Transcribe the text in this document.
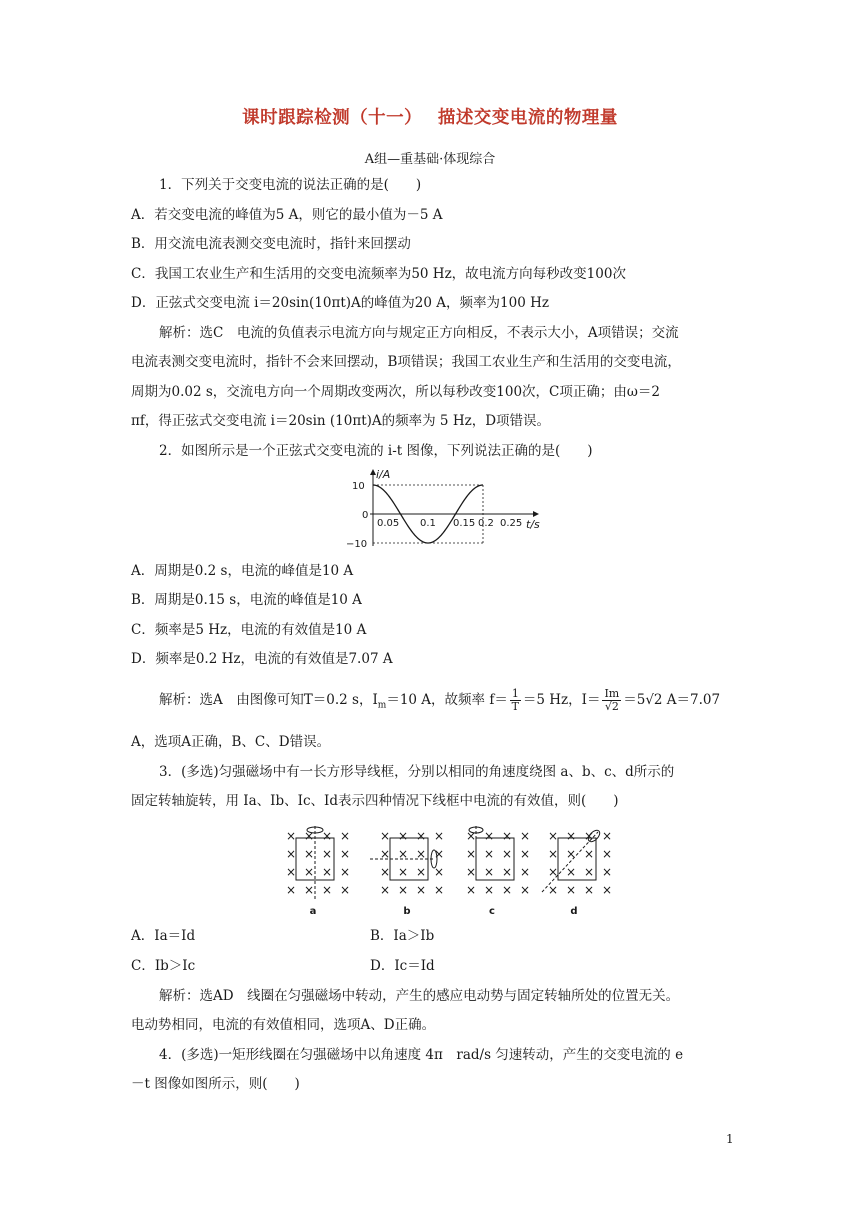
课时跟踪检测（十一）　 描述交变电流的物理量
A组—重基础·体现综合
1．下列关于交变电流的说法正确的是(　　)
A．若交变电流的峰值为5 A，则它的最小值为－5 A
B．用交流电流表测交变电流时，指针来回摆动
C．我国工农业生产和生活用的交变电流频率为50 Hz，故电流方向每秒改变100次
D．正弦式交变电流 i＝20sin(10πt)A的峰值为20 A，频率为100 Hz
解析：选C　电流的负值表示电流方向与规定正方向相反，不表示大小，A项错误；交流
电流表测交变电流时，指针不会来回摆动，B项错误；我国工农业生产和生活用的交变电流，
周期为0.02 s，交流电方向一个周期改变两次，所以每秒改变100次，C项正确；由ω＝2
πf，得正弦式交变电流 i＝20sin (10πt)A的频率为 5 Hz，D项错误。
2．如图所示是一个正弦式交变电流的 i-t 图像，下列说法正确的是(　　)
i/A
t/s
10
0
−10
0.05 0.1 0.15 0.2 0.25
A．周期是0.2 s，电流的峰值是10 A
B．周期是0.15 s，电流的峰值是10 A
C．频率是5 Hz，电流的有效值是10 A
D．频率是0.2 Hz，电流的有效值是7.07 A
解析：选A　由图像可知T＝0.2 s，$I_m=10$ A，故频率 $f= \frac{1}{T} =5$ Hz，$I= \frac{Im}{√2} =5√2$ A＝7.07
A，选项A正确，B、C、D错误。
3．(多选)匀强磁场中有一长方形导线框，分别以相同的角速度绕图 a、b、c、d所示的
固定转轴旋转，用 Ia、Ib、Ic、Id表示四种情况下线框中电流的有效值，则(　　)
×
×
×
×
×
×
×
×
×
×
×
×
×
×
×
×
×
×
×
×
×
×
×
×
×
×
×
×
×
×
×
×
×
×
×
×
×
×
×
×
×
×
×
×
×
×
×
×
×
×
×
×
×
×
×
×
×
×
×
×
×
×
×
×
a	b	c	d
A．Ia＝Id	B．Ia＞Ib
C．Ib＞Ic	D．Ic＝Id
解析：选AD　线圈在匀强磁场中转动，产生的感应电动势与固定转轴所处的位置无关。
电动势相同，电流的有效值相同，选项A、D正确。
4．(多选)一矩形线圈在匀强磁场中以角速度 4π　rad/s 匀速转动，产生的交变电流的 e
－t 图像如图所示，则(　　)
1
